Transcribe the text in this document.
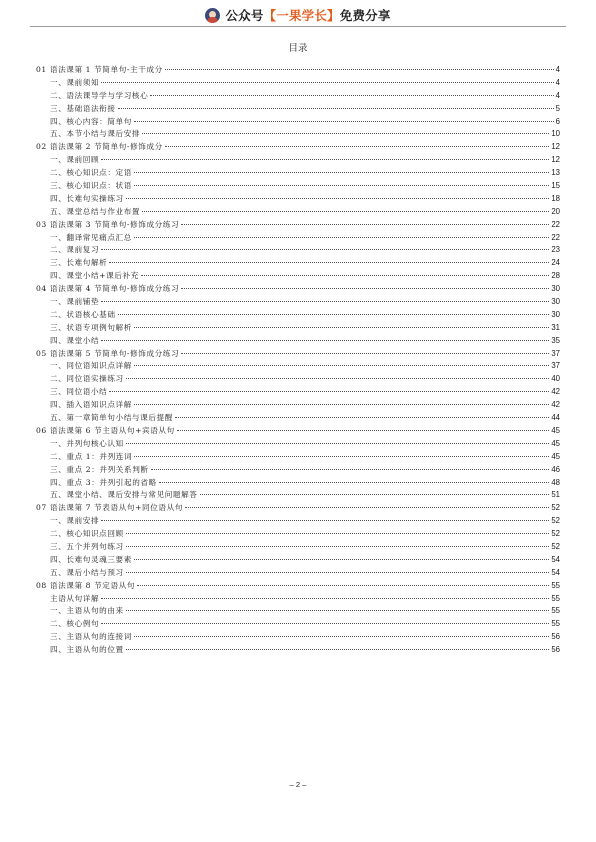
公众号【一果学长】免费分享
目录
01 语法课第 1 节简单句-主干成分	4
一、课前须知	4
二、语法课导学与学习核心	4
三、基础语法衔接	5
四、核心内容：简单句	6
五、本节小结与课后安排	10
02 语法课第 2 节简单句-修饰成分	12
一、课前回顾	12
二、核心知识点：定语	13
三、核心知识点：状语	15
四、长难句实操练习	18
五、课堂总结与作业布置	20
03 语法课第 3 节简单句-修饰成分练习	22
一、翻译常见痛点汇总	22
二、课前复习	23
三、长难句解析	24
四、课堂小结+课后补充	28
04 语法课第 4 节简单句-修饰成分练习	30
一、课前铺垫	30
二、状语核心基础	30
三、状语专项例句解析	31
四、课堂小结	35
05 语法课第 5 节简单句-修饰成分练习	37
一、同位语知识点详解	37
二、同位语实操练习	40
三、同位语小结	42
四、插入语知识点详解	42
五、第一章简单句小结与课后提醒	44
06 语法课第 6 节主语从句+宾语从句	45
一、并列句核心认知	45
二、重点 1：并列连词	45
三、重点 2：并列关系判断	46
四、重点 3：并列引起的省略	48
五、课堂小结、课后安排与常见问题解答	51
07 语法课第 7 节表语从句+同位语从句	52
一、课前安排	52
二、核心知识点回顾	52
三、五个并列句练习	52
四、长难句灵魂三要素	54
五、课后小结与预习	54
08 语法课第 8 节定语从句	55
主语从句详解	55
一、主语从句的由来	55
二、核心例句	55
三、主语从句的连接词	56
四、主语从句的位置	56
– 2 –
